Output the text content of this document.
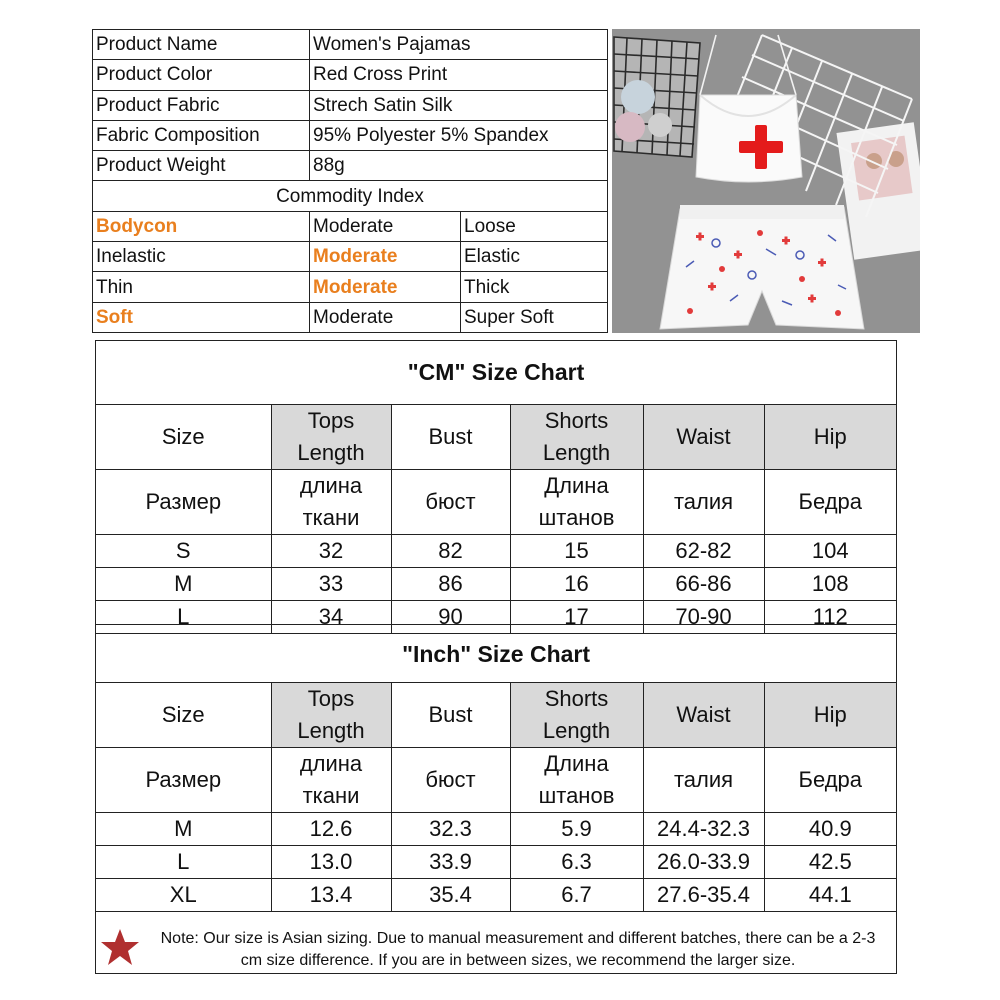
Product Name	Women's Pajamas	
Product Color	Red Cross Print	
Product Fabric	Strech Satin Silk	
Fabric Composition	95% Polyester 5% Spandex	
Product Weight	88g	
Commodity Index		
Bodycon	Moderate	Loose
Inelastic	Moderate	Elastic
Thin	Moderate	Thick
Soft	Moderate	Super Soft
"CM" Size Chart					
Size	Tops Length	Bust	Shorts Length	Waist	Hip
Размер	длина ткани	бюст	Длина штанов	талия	Бедра
S	32	82	15	62-82	104
M	33	86	16	66-86	108
L	34	90	17	70-90	112
"Inch" Size Chart					
Size	Tops Length	Bust	Shorts Length	Waist	Hip
Размер	длина ткани	бюст	Длина штанов	талия	Бедра
M	12.6	32.3	5.9	24.4-32.3	40.9
L	13.0	33.9	6.3	26.0-33.9	42.5
XL	13.4	35.4	6.7	27.6-35.4	44.1
Note: Our size is Asian sizing. Due to manual measurement and different batches, there can be a 2-3 cm size difference. If you are in between sizes, we recommend the larger size.
